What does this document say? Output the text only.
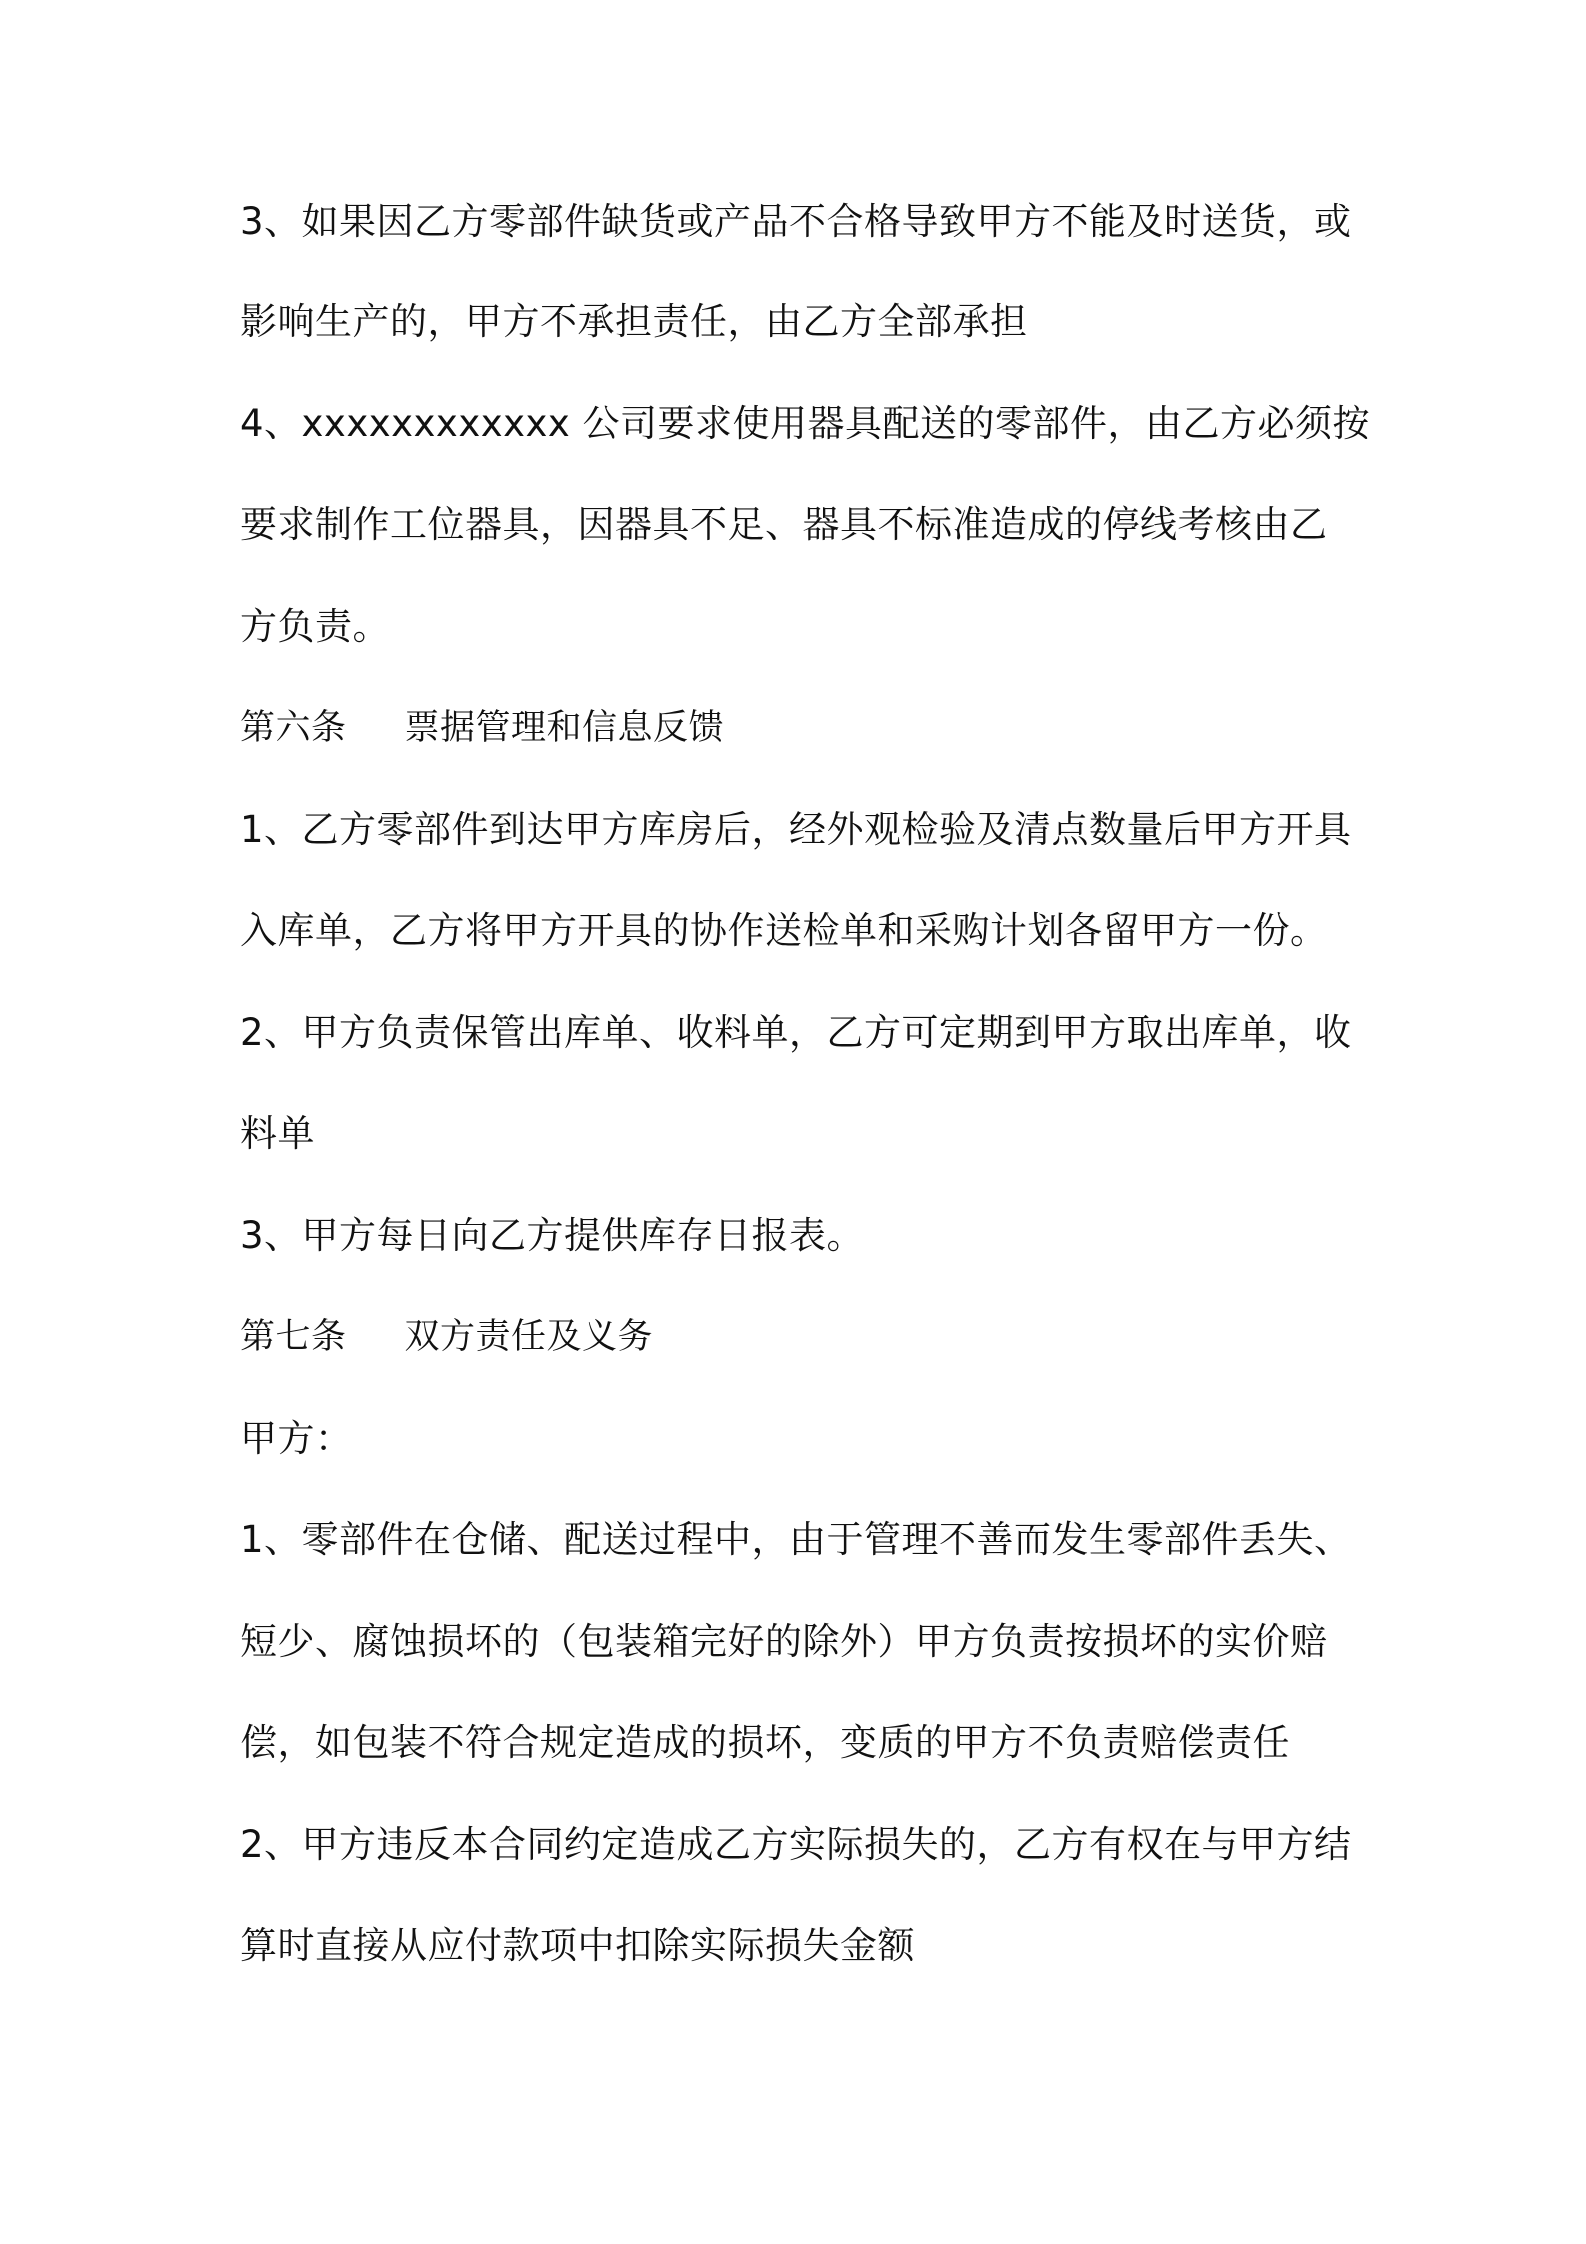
3、如果因乙方零部件缺货或产品不合格导致甲方不能及时送货，或
影响生产的，甲方不承担责任，由乙方全部承担
4、xxxxxxxxxxxx 公司要求使用器具配送的零部件，由乙方必须按
要求制作工位器具，因器具不足、器具不标准造成的停线考核由乙
方负责。
第六条 票据管理和信息反馈
1、乙方零部件到达甲方库房后，经外观检验及清点数量后甲方开具
入库单，乙方将甲方开具的协作送检单和采购计划各留甲方一份。
2、甲方负责保管出库单、收料单，乙方可定期到甲方取出库单，收
料单
3、甲方每日向乙方提供库存日报表。
第七条 双方责任及义务
甲方：
1、零部件在仓储、配送过程中，由于管理不善而发生零部件丢失、
短少、腐蚀损坏的（包装箱完好的除外）甲方负责按损坏的实价赔
偿，如包装不符合规定造成的损坏，变质的甲方不负责赔偿责任
2、甲方违反本合同约定造成乙方实际损失的，乙方有权在与甲方结
算时直接从应付款项中扣除实际损失金额
